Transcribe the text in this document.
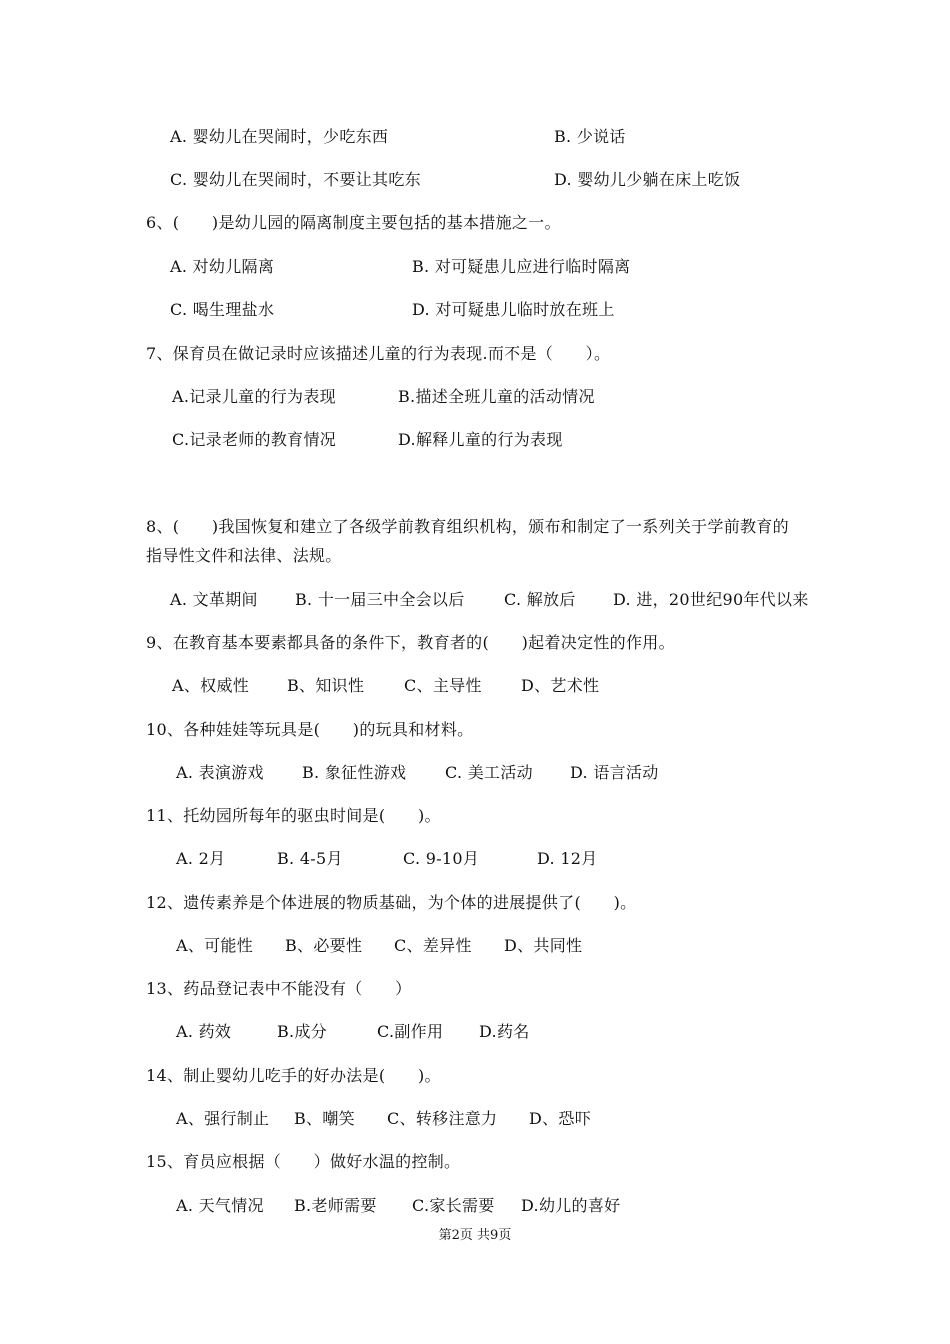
A. 婴幼儿在哭闹时，少吃东西	B. 少说话
C. 婴幼儿在哭闹时，不要让其吃东	D. 婴幼儿少躺在床上吃饭
6、(　　)是幼儿园的隔离制度主要包括的基本措施之一。
A. 对幼儿隔离	B. 对可疑患儿应进行临时隔离
C. 喝生理盐水	D. 对可疑患儿临时放在班上
7、保育员在做记录时应该描述儿童的行为表现.而不是（　　）。
A.记录儿童的行为表现	B.描述全班儿童的活动情况
C.记录老师的教育情况	D.解释儿童的行为表现
8、(　　)我国恢复和建立了各级学前教育组织机构，颁布和制定了一系列关于学前教育的
指导性文件和法律、法规。
A. 文革期间 B. 十一届三中全会以后 C. 解放后 D. 进，20世纪90年代以来
9、在教育基本要素都具备的条件下，教育者的(　　)起着决定性的作用。
A、权威性 B、知识性 C、主导性 D、艺术性
10、各种娃娃等玩具是(　　)的玩具和材料。
A. 表演游戏 B. 象征性游戏 C. 美工活动 D. 语言活动
11、托幼园所每年的驱虫时间是(　　)。
A. 2月	B. 4-5月	C. 9-10月	D. 12月
12、遗传素养是个体进展的物质基础，为个体的进展提供了(　　)。
A、可能性 B、必要性 C、差异性 D、共同性
13、药品登记表中不能没有（　　）
A. 药效	B.成分	C.副作用 D.药名
14、制止婴幼儿吃手的好办法是(　　)。
A、强行制止 B、嘲笑 C、转移注意力 D、恐吓
15、育员应根据（　　）做好水温的控制。
A. 天气情况 B.老师需要 C.家长需要 D.幼儿的喜好
第2页 共9页
